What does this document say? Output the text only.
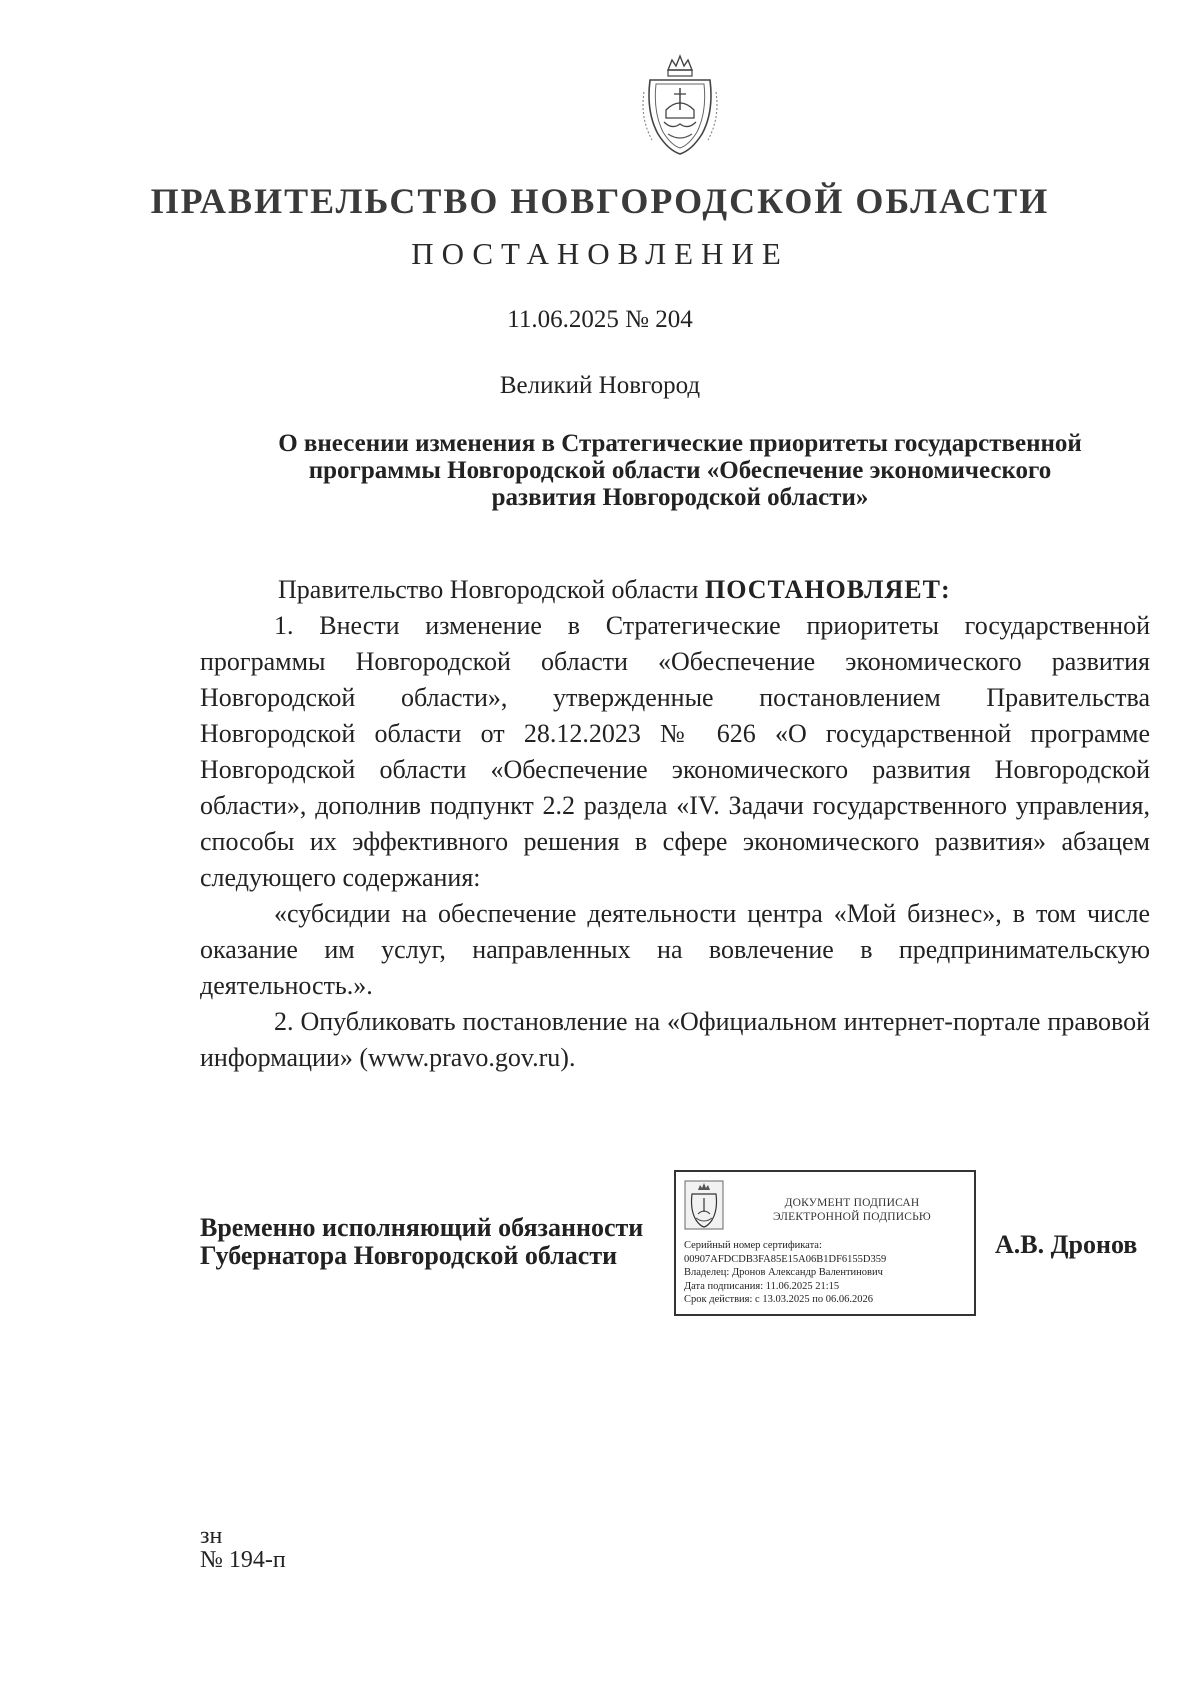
ПРАВИТЕЛЬСТВО НОВГОРОДСКОЙ ОБЛАСТИ
ПОСТАНОВЛЕНИЕ
11.06.2025 № 204
Великий Новгород
О внесении изменения в Стратегические приоритеты государственной
программы Новгородской области «Обеспечение экономического
развития Новгородской области»

Правительство Новгородской области ПОСТАНОВЛЯЕТ:

1. Внести изменение в Стратегические приоритеты государственной программы Новгородской области «Обеспечение экономического развития Новгородской области», утвержденные постановлением Правительства Новгородской области от 28.12.2023 № 626 «О государственной программе Новгородской области «Обеспечение экономического развития Новгородской области», дополнив подпункт 2.2 раздела «IV. Задачи государственного управления, способы их эффективного решения в сфере экономического развития» абзацем следующего содержания:

«субсидии на обеспечение деятельности центра «Мой бизнес», в том числе оказание им услуг, направленных на вовлечение в предпринимательскую деятельность.».

2. Опубликовать постановление на «Официальном интернет-портале правовой информации» (www.pravo.gov.ru).

Временно исполняющий обязанности
Губернатора Новгородской области
ДОКУМЕНТ ПОДПИСАН
ЭЛЕКТРОННОЙ ПОДПИСЬЮ
Серийный номер сертификата:
00907AFDCDB3FA85E15A06B1DF6155D359
Владелец: Дронов Александр Валентинович
Дата подписания: 11.06.2025 21:15
Срок действия: с 13.03.2025 по 06.06.2026
А.В. Дронов
зн
№ 194-п
